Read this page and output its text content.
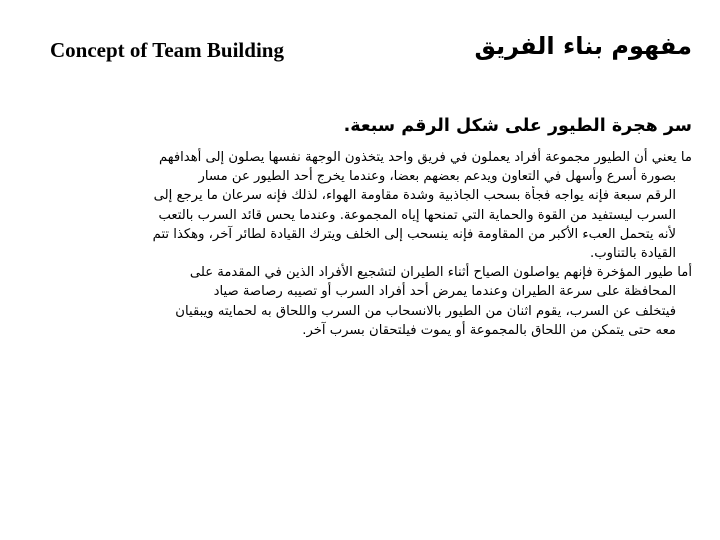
Concept of Team Building	مفهوم بناء الفريق
سر هجرة الطيور على شكل الرقم سبعة.
ما يعني أن الطيور مجموعة أفراد يعملون في فريق واحد يتخذون الوجهة نفسها يصلون إلى أهدافهم
بصورة أسرع وأسهل في التعاون ويدعم بعضهم بعضا، وعندما يخرج أحد الطيور عن مسار
الرقم سبعة فإنه يواجه فجأة بسحب الجاذبية وشدة مقاومة الهواء، لذلك فإنه سرعان ما يرجع إلى
السرب ليستفيد من القوة والحماية التي تمنحها إياه المجموعة. وعندما يحس قائد السرب بالتعب
لأنه يتحمل العبء الأكبر من المقاومة فإنه ينسحب إلى الخلف ويترك القيادة لطائر آخر، وهكذا تتم
القيادة بالتناوب.
أما طيور المؤخرة فإنهم يواصلون الصياح أثناء الطيران لتشجيع الأفراد الذين في المقدمة على
المحافظة على سرعة الطيران وعندما يمرض أحد أفراد السرب أو تصيبه رصاصة صياد
فيتخلف عن السرب، يقوم اثنان من الطيور بالانسحاب من السرب واللحاق به لحمايته ويبقيان
معه حتى يتمكن من اللحاق بالمجموعة أو يموت فيلتحقان بسرب آخر.
